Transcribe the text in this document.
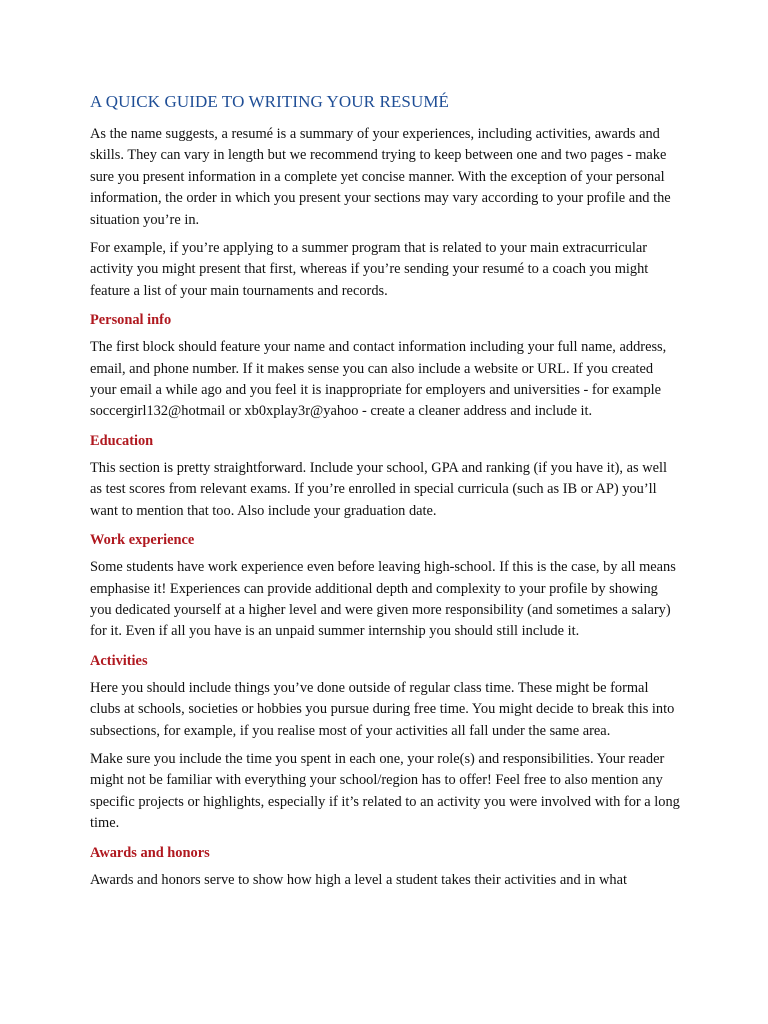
A QUICK GUIDE TO WRITING YOUR RESUMÉ

As the name suggests, a resumé is a summary of your experiences, including activities, awards and skills. They can vary in length but we recommend trying to keep between one and two pages - make sure you present information in a complete yet concise manner. With the exception of your personal information, the order in which you present your sections may vary according to your profile and the situation you’re in.

For example, if you’re applying to a summer program that is related to your main extracurricular activity you might present that first, whereas if you’re sending your resumé to a coach you might feature a list of your main tournaments and records.

Personal info

The first block should feature your name and contact information including your full name, address, email, and phone number. If it makes sense you can also include a website or URL. If you created your email a while ago and you feel it is inappropriate for employers and universities - for example soccergirl132@hotmail or xb0xplay3r@yahoo - create a cleaner address and include it.

Education

This section is pretty straightforward. Include your school, GPA and ranking (if you have it), as well as test scores from relevant exams. If you’re enrolled in special curricula (such as IB or AP) you’ll want to mention that too. Also include your graduation date.

Work experience

Some students have work experience even before leaving high-school. If this is the case, by all means emphasise it! Experiences can provide additional depth and complexity to your profile by showing you dedicated yourself at a higher level and were given more responsibility (and sometimes a salary) for it. Even if all you have is an unpaid summer internship you should still include it.

Activities

Here you should include things you’ve done outside of regular class time. These might be formal clubs at schools, societies or hobbies you pursue during free time. You might decide to break this into subsections, for example, if you realise most of your activities all fall under the same area.

Make sure you include the time you spent in each one, your role(s) and responsibilities. Your reader might not be familiar with everything your school/region has to offer! Feel free to also mention any specific projects or highlights, especially if it’s related to an activity you were involved with for a long time.

Awards and honors

Awards and honors serve to show how high a level a student takes their activities and in what
